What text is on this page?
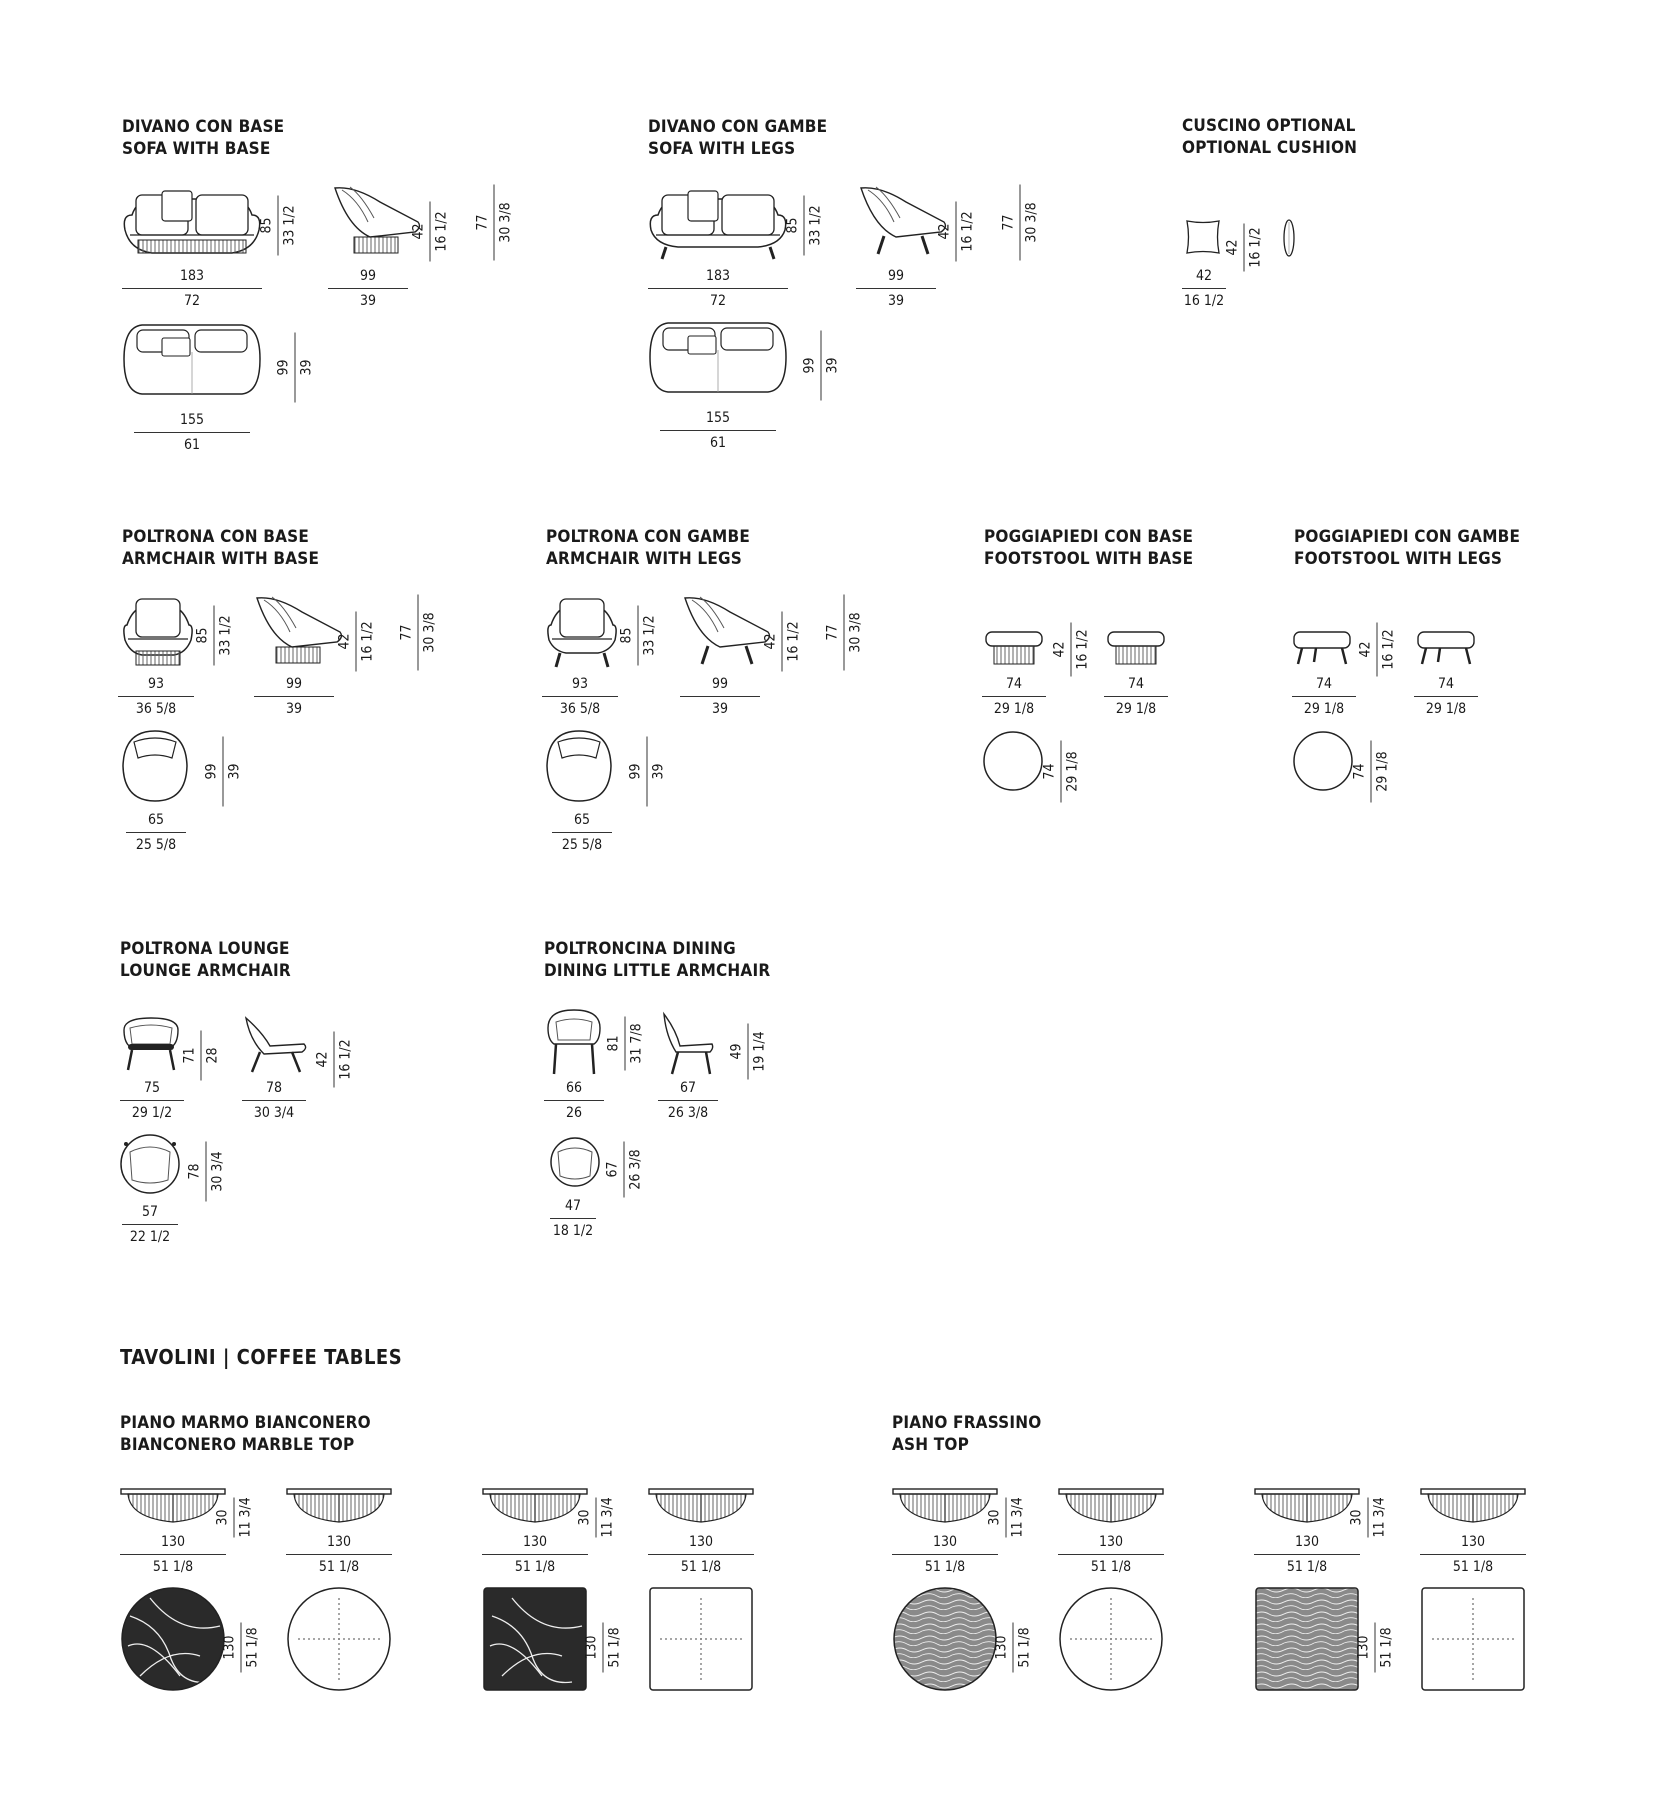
DIVANO CON BASE
SOFA WITH BASE
85 33 1/2	42 16 1/2 77 30 3/8
183
72
99
39
99 39
155
61
DIVANO CON GAMBE
SOFA WITH LEGS
85 33 1/2	42 16 1/2 77 30 3/8
183
72
99
39
99 39
155
61
CUSCINO OPTIONAL
OPTIONAL CUSHION
42 16 1/2
42
16 1/2
POLTRONA CON BASE
ARMCHAIR WITH BASE
85 33 1/2	42 16 1/2 77 30 3/8
93
36 5/8
99
39
99 39
65
25 5/8
POLTRONA CON GAMBE
ARMCHAIR WITH LEGS
85 33 1/2	42 16 1/2 77 30 3/8
93
36 5/8
99
39
99 39
65
25 5/8
POGGIAPIEDI CON BASE
FOOTSTOOL WITH BASE
42 16 1/2
74
29 1/8
74
29 1/8
74 29 1/8
POGGIAPIEDI CON GAMBE
FOOTSTOOL WITH LEGS
42 16 1/2
74
29 1/8
74
29 1/8
74 29 1/8
POLTRONA LOUNGE
LOUNGE ARMCHAIR
71 28	42 16 1/2
75
29 1/2
78
30 3/4
78 30 3/4
57
22 1/2
POLTRONCINA DINING
DINING LITTLE ARMCHAIR
81 31 7/8	49 19 1/4
66
26
67
26 3/8
67 26 3/8
47
18 1/2
TAVOLINI | COFFEE TABLES
PIANO MARMO BIANCONERO
BIANCONERO MARBLE TOP
PIANO FRASSINO
ASH TOP
30 11 3/4
130
51 1/8
130
51 1/8
130 51 1/8
30 11 3/4
130
51 1/8
130
51 1/8
130 51 1/8
30 11 3/4
130
51 1/8
130
51 1/8
130 51 1/8
30 11 3/4
130
51 1/8
130
51 1/8
130 51 1/8
